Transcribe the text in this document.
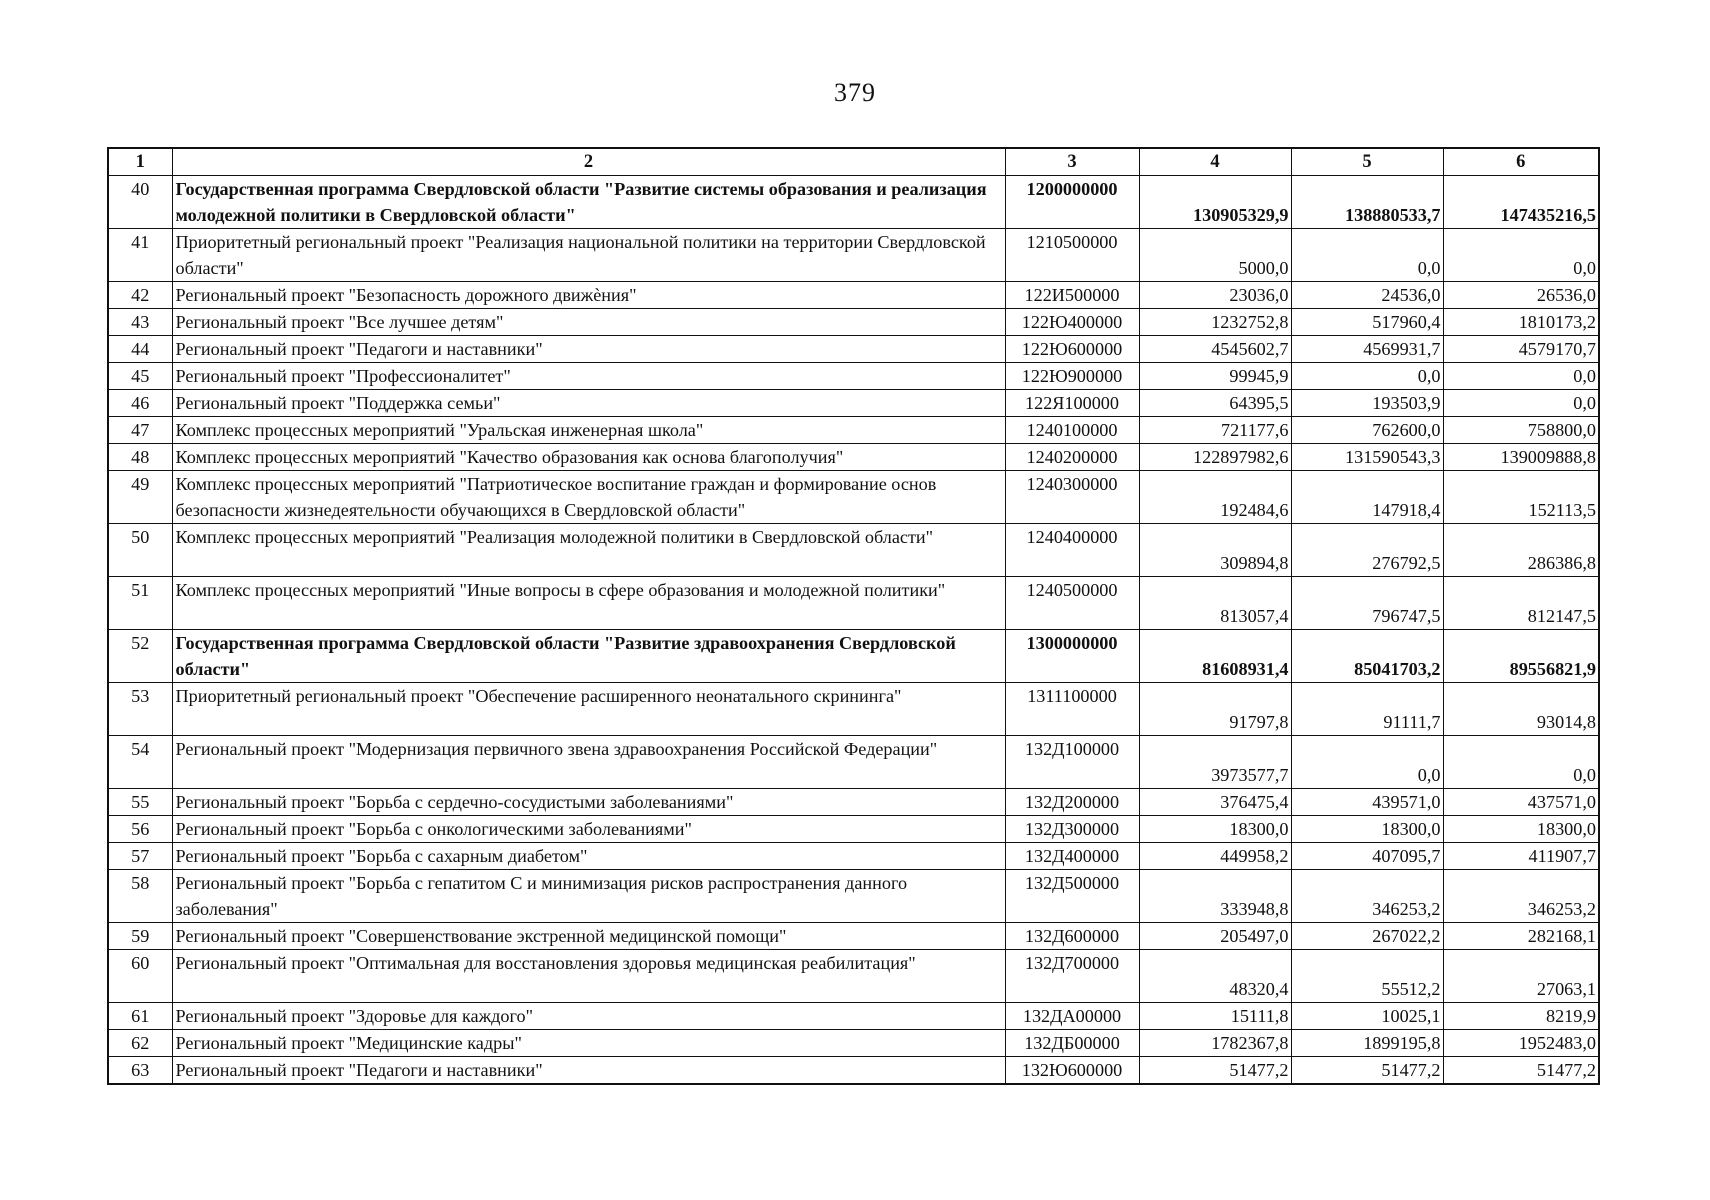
379
1	2	3	4	5	6
40	Государственная программа Свердловской области "Развитие системы образования и реализация молодежной политики в Свердловской области"	1200000000	130905329,9	138880533,7	147435216,5
41	Приоритетный региональный проект "Реализация национальной политики на территории Свердловской области"	1210500000	5000,0	0,0	0,0
42	Региональный проект "Безопасность дорожного движѐния"	122И500000	23036,0	24536,0	26536,0
43	Региональный проект "Все лучшее детям"	122Ю400000	1232752,8	517960,4	1810173,2
44	Региональный проект "Педагоги и наставники"	122Ю600000	4545602,7	4569931,7	4579170,7
45	Региональный проект "Профессионалитет"	122Ю900000	99945,9	0,0	0,0
46	Региональный проект "Поддержка семьи"	122Я100000	64395,5	193503,9	0,0
47	Комплекс процессных мероприятий "Уральская инженерная школа"	1240100000	721177,6	762600,0	758800,0
48	Комплекс процессных мероприятий "Качество образования как основа благополучия"	1240200000	122897982,6	131590543,3	139009888,8
49	Комплекс процессных мероприятий "Патриотическое воспитание граждан и формирование основ безопасности жизнедеятельности обучающихся в Свердловской области"	1240300000	192484,6	147918,4	152113,5
50	Комплекс процессных мероприятий "Реализация молодежной политики в Свердловской области"	1240400000	309894,8	276792,5	286386,8
51	Комплекс процессных мероприятий "Иные вопросы в сфере образования и молодежной политики"	1240500000	813057,4	796747,5	812147,5
52	Государственная программа Свердловской области "Развитие здравоохранения Свердловской области"	1300000000	81608931,4	85041703,2	89556821,9
53	Приоритетный региональный проект "Обеспечение расширенного неонатального скрининга"	1311100000	91797,8	91111,7	93014,8
54	Региональный проект "Модернизация первичного звена здравоохранения Российской Федерации"	132Д100000	3973577,7	0,0	0,0
55	Региональный проект "Борьба с сердечно-сосудистыми заболеваниями"	132Д200000	376475,4	439571,0	437571,0
56	Региональный проект "Борьба с онкологическими заболеваниями"	132Д300000	18300,0	18300,0	18300,0
57	Региональный проект "Борьба с сахарным диабетом"	132Д400000	449958,2	407095,7	411907,7
58	Региональный проект "Борьба с гепатитом С и минимизация рисков распространения данного заболевания"	132Д500000	333948,8	346253,2	346253,2
59	Региональный проект "Совершенствование экстренной медицинской помощи"	132Д600000	205497,0	267022,2	282168,1
60	Региональный проект "Оптимальная для восстановления здоровья медицинская реабилитация"	132Д700000	48320,4	55512,2	27063,1
61	Региональный проект "Здоровье для каждого"	132ДА00000	15111,8	10025,1	8219,9
62	Региональный проект "Медицинские кадры"	132ДБ00000	1782367,8	1899195,8	1952483,0
63	Региональный проект "Педагоги и наставники"	132Ю600000	51477,2	51477,2	51477,2
